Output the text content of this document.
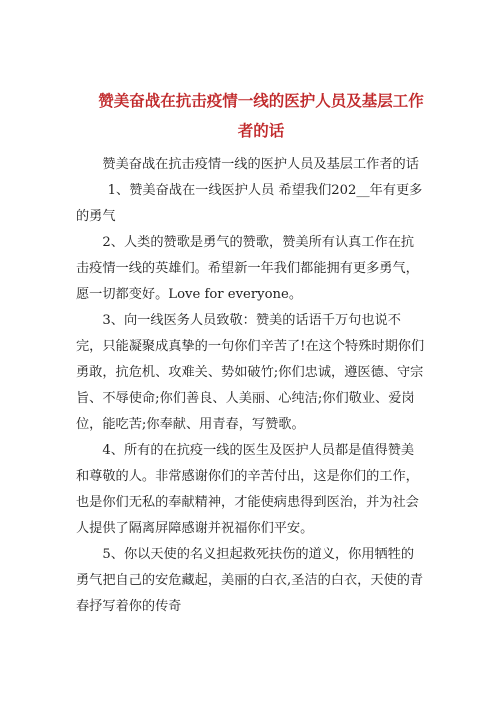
赞美奋战在抗击疫情一线的医护人员及基层工作者的话

赞美奋战在抗击疫情一线的医护人员及基层工作者的话

1、赞美奋战在一线医护人员 希望我们202__年有更多的勇气

2、人类的赞歌是勇气的赞歌，赞美所有认真工作在抗击疫情一线的英雄们。希望新一年我们都能拥有更多勇气，愿一切都变好。Love for everyone。

3、向一线医务人员致敬：赞美的话语千万句也说不完，只能凝聚成真挚的一句你们辛苦了!在这个特殊时期你们勇敢，抗危机、攻难关、势如破竹;你们忠诚，遵医德、守宗旨、不辱使命;你们善良、人美丽、心纯洁;你们敬业、爱岗位，能吃苦;你奉献、用青春，写赞歌。

4、所有的在抗疫一线的医生及医护人员都是值得赞美和尊敬的人。非常感谢你们的辛苦付出，这是你们的工作，也是你们无私的奉献精神，才能使病患得到医治，并为社会人提供了隔离屏障感谢并祝福你们平安。

5、你以天使的名义担起救死扶伤的道义，你用牺牲的勇气把自己的安危藏起，美丽的白衣,圣洁的白衣，天使的青春抒写着你的传奇
